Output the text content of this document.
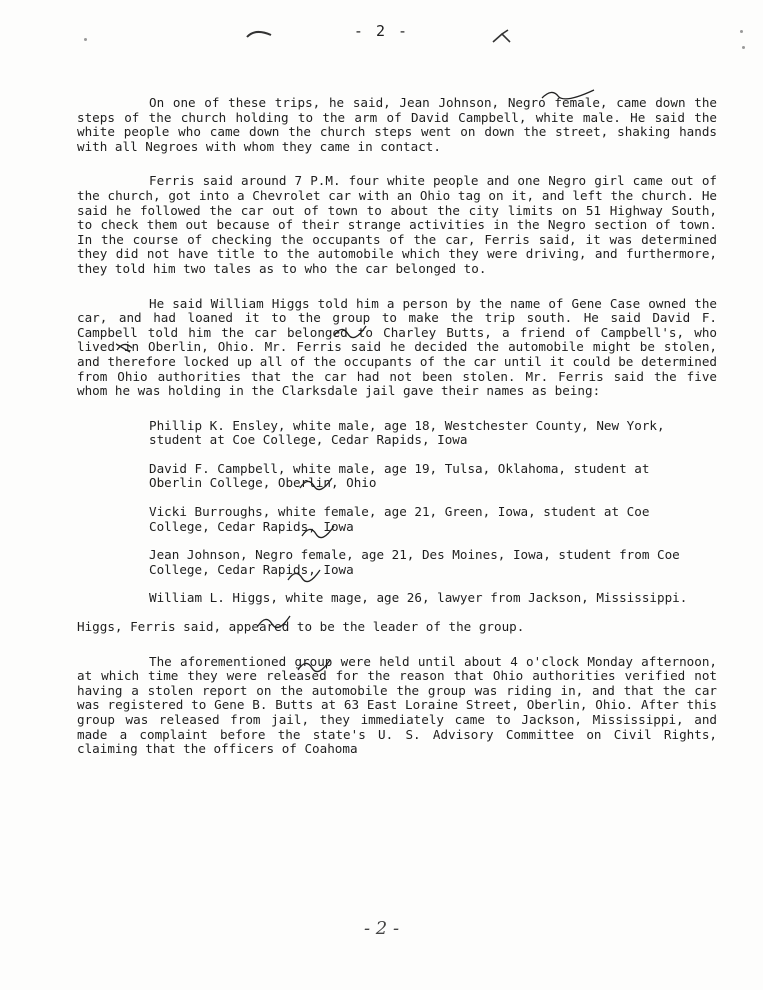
- 2 -

On one of these trips, he said, Jean Johnson, Negro female, came down the steps of the church holding to the arm of David Campbell, white male. He said the white people who came down the church steps went on down the street, shaking hands with all Negroes with whom they came in contact.

Ferris said around 7 P.M. four white people and one Negro girl came out of the church, got into a Chevrolet car with an Ohio tag on it, and left the church. He said he followed the car out of town to about the city limits on 51 Highway South, to check them out because of their strange activities in the Negro section of town. In the course of checking the occupants of the car, Ferris said, it was determined they did not have title to the automobile which they were driving, and furthermore, they told him two tales as to who the car belonged to.

He said William Higgs told him a person by the name of Gene Case owned the car, and had loaned it to the group to make the trip south. He said David F. Campbell told him the car belonged to Charley Butts, a friend of Campbell's, who lived in Oberlin, Ohio. Mr. Ferris said he decided the automobile might be stolen, and therefore locked up all of the occupants of the car until it could be determined from Ohio authorities that the car had not been stolen. Mr. Ferris said the five whom he was holding in the Clarksdale jail gave their names as being:

Phillip K. Ensley, white male, age 18, Westchester County, New York, student at Coe College, Cedar Rapids, Iowa
David F. Campbell, white male, age 19, Tulsa, Oklahoma, student at Oberlin College, Oberlin, Ohio
Vicki Burroughs, white female, age 21, Green, Iowa, student at Coe College, Cedar Rapids, Iowa
Jean Johnson, Negro female, age 21, Des Moines, Iowa, student from Coe College, Cedar Rapids, Iowa
William L. Higgs, white mage, age 26, lawyer from Jackson, Mississippi.

Higgs, Ferris said, appeared to be the leader of the group.

The aforementioned group were held until about 4 o'clock Monday afternoon, at which time they were released for the reason that Ohio authorities verified not having a stolen report on the automobile the group was riding in, and that the car was registered to Gene B. Butts at 63 East Loraine Street, Oberlin, Ohio. After this group was released from jail, they immediately came to Jackson, Mississippi, and made a complaint before the state's U. S. Advisory Committee on Civil Rights, claiming that the officers of Coahoma

- 2 -
